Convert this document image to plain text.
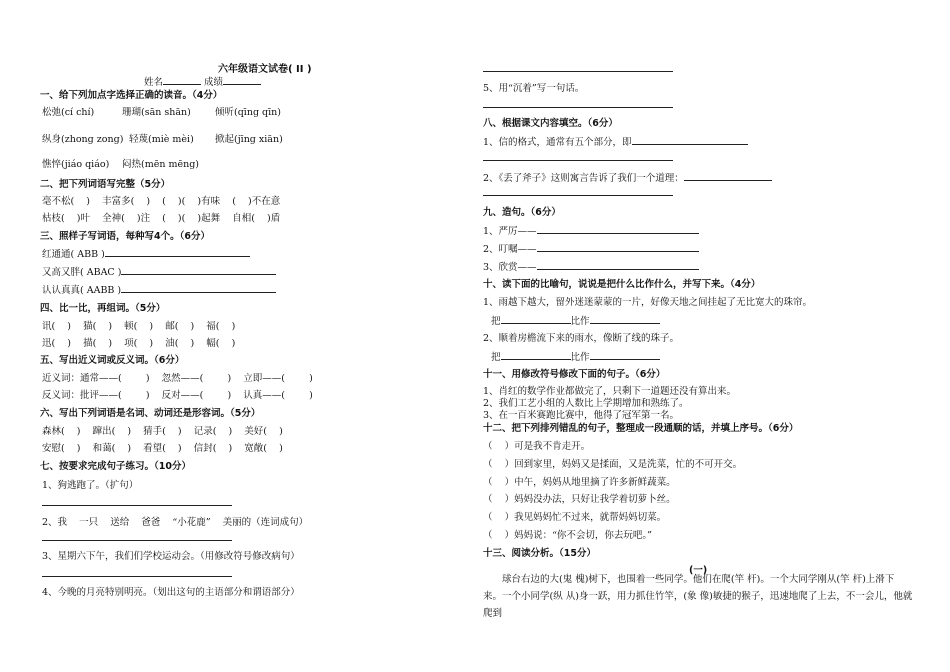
六年级语文试卷( II )
姓名	成绩
一、给下列加点字选择正确的读音。（4分）
松弛(cí chí)	珊瑚(sān shān)	倾听(qīng qīn)
纵身(zhong zong) 轻蔑(miè mèi) 掀起(jīng xiān)
憔悴(jiáo qiáo) 闷热(mēn mēng)
二、把下列词语写完整（5分）
毫不松(    )    丰富多(    )    (    )(    )有味    (    )不在意
枯枝(    )叶    全神(    )注    (    )(    )起舞    自相(    )盾
三、照样子写词语，每种写4个。（6分）
红通通( ABB )
又高又胖( ABAC )
认认真真( AABB )
四、比一比，再组词。（5分）
讯(    )    猫(    )    顿(    )    邮(    )    福(    )
迅(    )    描(    )    项(    )    油(    )    幅(    )
五、写出近义词或反义词。（6分）
近义词：通常——(        )    忽然——(        )    立即——(        )
反义词：批评——(        )    反对——(        )    认真——(        )
六、写出下列词语是名词、动词还是形容词。（5分）
森林(    )    蹿出(    )    猜手(    )    记录(    )    美好(    )
安慰(    )    和蔼(    )    看望(    )    信封(    )    宽敞(    )
七、按要求完成句子练习。（10分）
1、狗逃跑了。（扩句）
2、我    一只    送给    爸爸    “小花鹿”    美丽的（连词成句）
3、星期六下午，我们们学校运动会。（用修改符号修改病句）
4、今晚的月亮特别明亮。（划出这句的主语部分和谓语部分）
5、用“沉着”写一句话。
八、根据课文内容填空。（6分）
1、信的格式，通常有五个部分，即
2、《丢了斧子》这则寓言告诉了我们一个道理：
九、造句。（6分）
1、严厉——
2、叮嘱——
3、欣赏——
十、读下面的比喻句，说说是把什么比作什么，并写下来。（4分）
1、雨越下越大，留外迷迷蒙蒙的一片，好像天地之间挂起了无比宽大的珠帘。
把	比作
2、顺着房檐流下来的雨水，像断了线的珠子。
把	比作
十一、用修改符号修改下面的句子。（6分）
1、肖红的数学作业都做完了，只剩下一道题还没有算出来。
2、我们工艺小组的人数比上学期增加和熟练了。
3、在一百米赛跑比赛中，他得了冠军第一名。
十二、把下列排列错乱的句子，整理成一段通顺的话，并填上序号。（6分）
（    ）可是我不肯走开。
（    ）回到家里，妈妈又是揉面，又是洗菜，忙的不可开交。
（    ）中午，妈妈从地里摘了许多新鲜蔬菜。
（    ）妈妈没办法，只好让我学着切萝卜丝。
（    ）我见妈妈忙不过来，就帮妈妈切菜。
（    ）妈妈说：“你不会切，你去玩吧。”
十三、阅读分析。（15分）
(一)
球台右边的大(鬼 槐)树下，也围着一些同学。他们在爬(竿 杆)。一个大同学刚从(竿 杆)上滑下来。一个小同学(纵 从)身一跃，用力抓住竹竿，(象 像)敏捷的猴子，迅速地爬了上去，不一会儿，他就爬到
